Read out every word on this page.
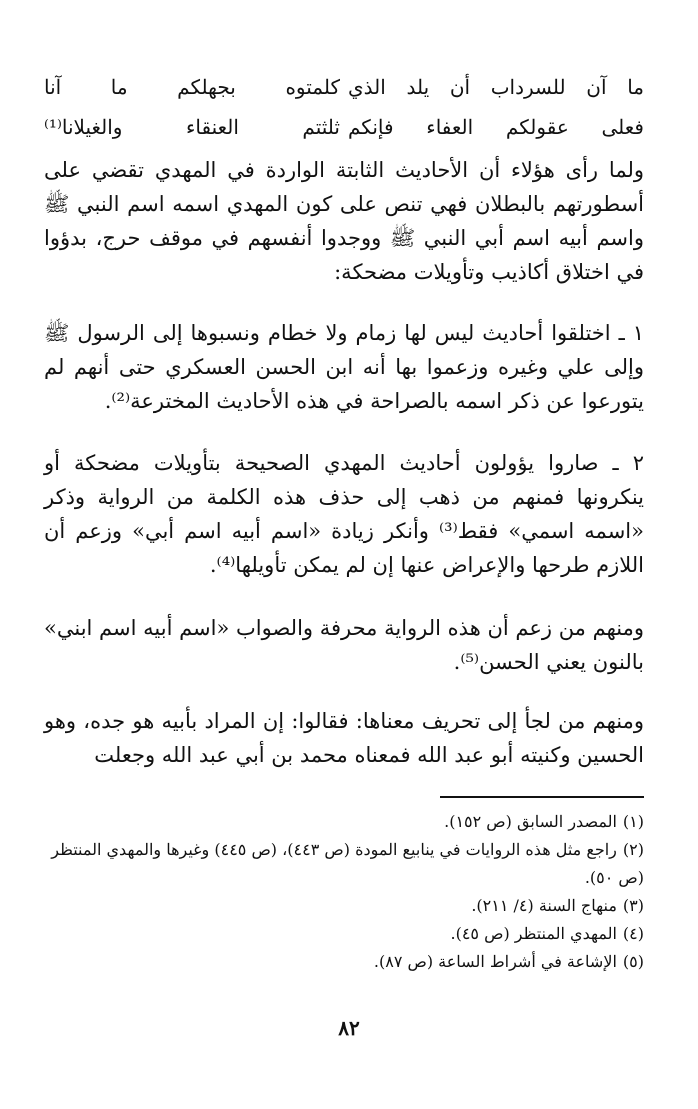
ما آن للسرداب أن يلد الذي
كلمتوه بجهلكم ما آنا
فعلى عقولكم العفاء فإنكم
ثلثتم العنقاء والغيلانا⁽¹⁾

ولما رأى هؤلاء أن الأحاديث الثابتة الواردة في المهدي تقضي على أسطورتهم بالبطلان فهي تنص على كون المهدي اسمه اسم النبي ﷺ واسم أبيه اسم أبي النبي ﷺ ووجدوا أنفسهم في موقف حرج، بدؤوا في اختلاق أكاذيب وتأويلات مضحكة:

١ ـ اختلقوا أحاديث ليس لها زمام ولا خطام ونسبوها إلى الرسول ﷺ وإلى علي وغيره وزعموا بها أنه ابن الحسن العسكري حتى أنهم لم يتورعوا عن ذكر اسمه بالصراحة في هذه الأحاديث المخترعة⁽²⁾.

٢ ـ صاروا يؤولون أحاديث المهدي الصحيحة بتأويلات مضحكة أو ينكرونها فمنهم من ذهب إلى حذف هذه الكلمة من الرواية وذكر «اسمه اسمي» فقط⁽³⁾ وأنكر زيادة «اسم أبيه اسم أبي» وزعم أن اللازم طرحها والإعراض عنها إن لم يمكن تأويلها⁽⁴⁾.

ومنهم من زعم أن هذه الرواية محرفة والصواب «اسم أبيه اسم ابني» بالنون يعني الحسن⁽⁵⁾.

ومنهم من لجأ إلى تحريف معناها: فقالوا: إن المراد بأبيه هو جده، وهو الحسين وكنيته أبو عبد الله فمعناه محمد بن أبي عبد الله وجعلت

(١)المصدر السابق (ص ١٥٢).
(٢)راجع مثل هذه الروايات في ينابيع المودة (ص ٤٤٣)، (ص ٤٤٥) وغيرها والمهدي المنتظر (ص ٥٠).
(٣)منهاج السنة (٤/ ٢١١).
(٤)المهدي المنتظر (ص ٤٥).
(٥)الإشاعة في أشراط الساعة (ص ٨٧).
٨٢
